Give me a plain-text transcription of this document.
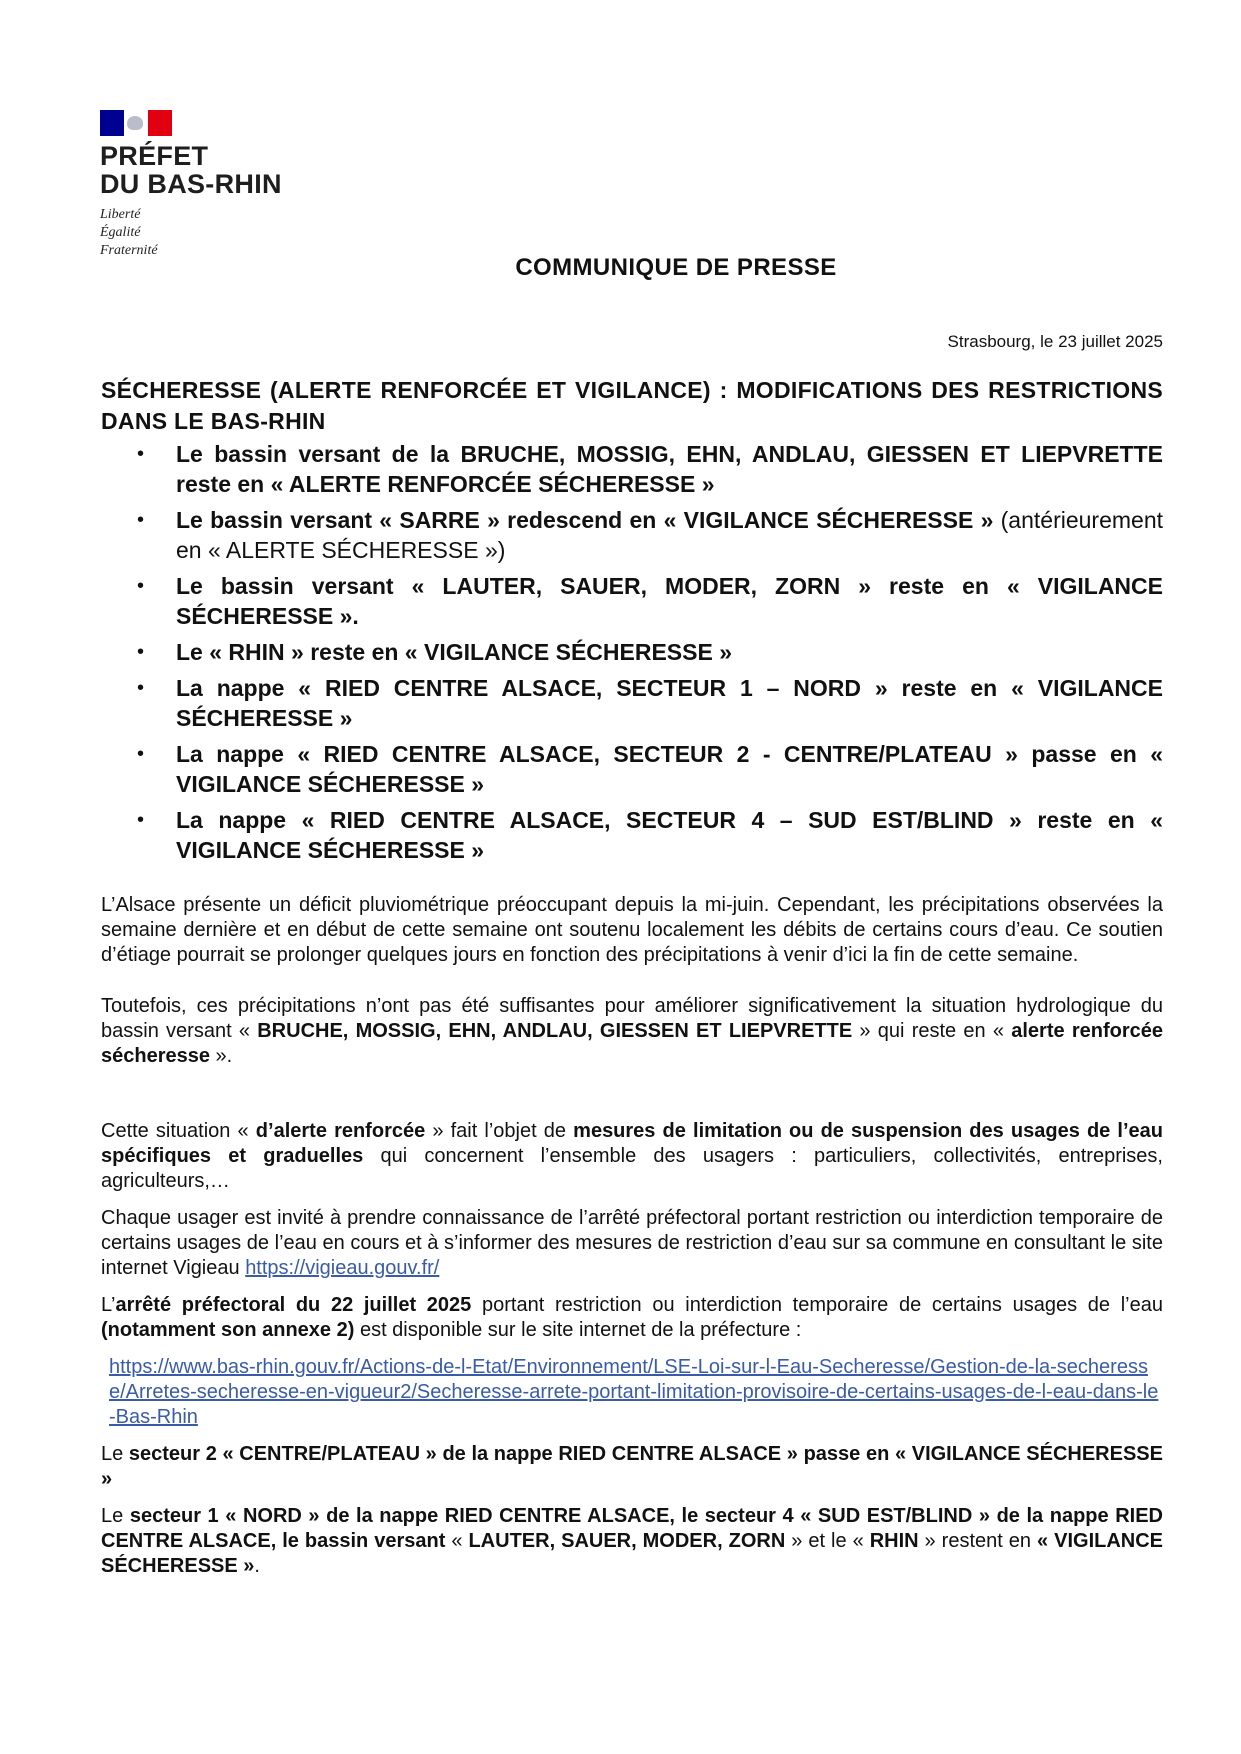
PRÉFET
DU BAS-RHIN
Liberté
Égalité
Fraternité
COMMUNIQUE DE PRESSE
Strasbourg, le 23 juillet 2025
SÉCHERESSE (ALERTE RENFORCÉE ET VIGILANCE) : MODIFICATIONS DES RESTRICTIONS DANS LE BAS-RHIN
• Le bassin versant de la BRUCHE, MOSSIG, EHN, ANDLAU, GIESSEN ET LIEPVRETTE reste en « ALERTE RENFORCÉE SÉCHERESSE »
• Le bassin versant « SARRE » redescend en « VIGILANCE SÉCHERESSE » (antérieurement en « ALERTE SÉCHERESSE »)
• Le bassin versant « LAUTER, SAUER, MODER, ZORN » reste en « VIGILANCE SÉCHERESSE ».
• Le « RHIN » reste en « VIGILANCE SÉCHERESSE »
• La nappe « RIED CENTRE ALSACE, SECTEUR 1 – NORD » reste en « VIGILANCE SÉCHERESSE »
• La nappe « RIED CENTRE ALSACE, SECTEUR 2 - CENTRE/PLATEAU » passe en « VIGILANCE SÉCHERESSE »
• La nappe « RIED CENTRE ALSACE, SECTEUR 4 – SUD EST/BLIND » reste en « VIGILANCE SÉCHERESSE »

L’Alsace présente un déficit pluviométrique préoccupant depuis la mi-juin. Cependant, les précipitations observées la semaine dernière et en début de cette semaine ont soutenu localement les débits de certains cours d’eau. Ce soutien d’étiage pourrait se prolonger quelques jours en fonction des précipitations à venir d’ici la fin de cette semaine.

Toutefois, ces précipitations n’ont pas été suffisantes pour améliorer significativement la situation hydrologique du bassin versant « BRUCHE, MOSSIG, EHN, ANDLAU, GIESSEN ET LIEPVRETTE » qui reste en « alerte renforcée sécheresse ».

Cette situation « d’alerte renforcée » fait l’objet de mesures de limitation ou de suspension des usages de l’eau spécifiques et graduelles qui concernent l’ensemble des usagers : particuliers, collectivités, entreprises, agriculteurs,…

Chaque usager est invité à prendre connaissance de l’arrêté préfectoral portant restriction ou interdiction temporaire de certains usages de l’eau en cours et à s’informer des mesures de restriction d’eau sur sa commune en consultant le site internet Vigieau https://vigieau.gouv.fr/

L’arrêté préfectoral du 22 juillet 2025 portant restriction ou interdiction temporaire de certains usages de l’eau (notamment son annexe 2) est disponible sur le site internet de la préfecture :

https://www.bas-rhin.gouv.fr/Actions-de-l-Etat/Environnement/LSE-Loi-sur-l-Eau-Secheresse/Gestion-de-la-secheresse/Arretes-secheresse-en-vigueur2/Secheresse-arrete-portant-limitation-provisoire-de-certains-usages-de-l-eau-dans-le-Bas-Rhin

Le secteur 2 « CENTRE/PLATEAU » de la nappe RIED CENTRE ALSACE » passe en « VIGILANCE SÉCHERESSE »

Le secteur 1 « NORD » de la nappe RIED CENTRE ALSACE, le secteur 4 « SUD EST/BLIND » de la nappe RIED CENTRE ALSACE, le bassin versant « LAUTER, SAUER, MODER, ZORN » et le « RHIN » restent en « VIGILANCE SÉCHERESSE ».
